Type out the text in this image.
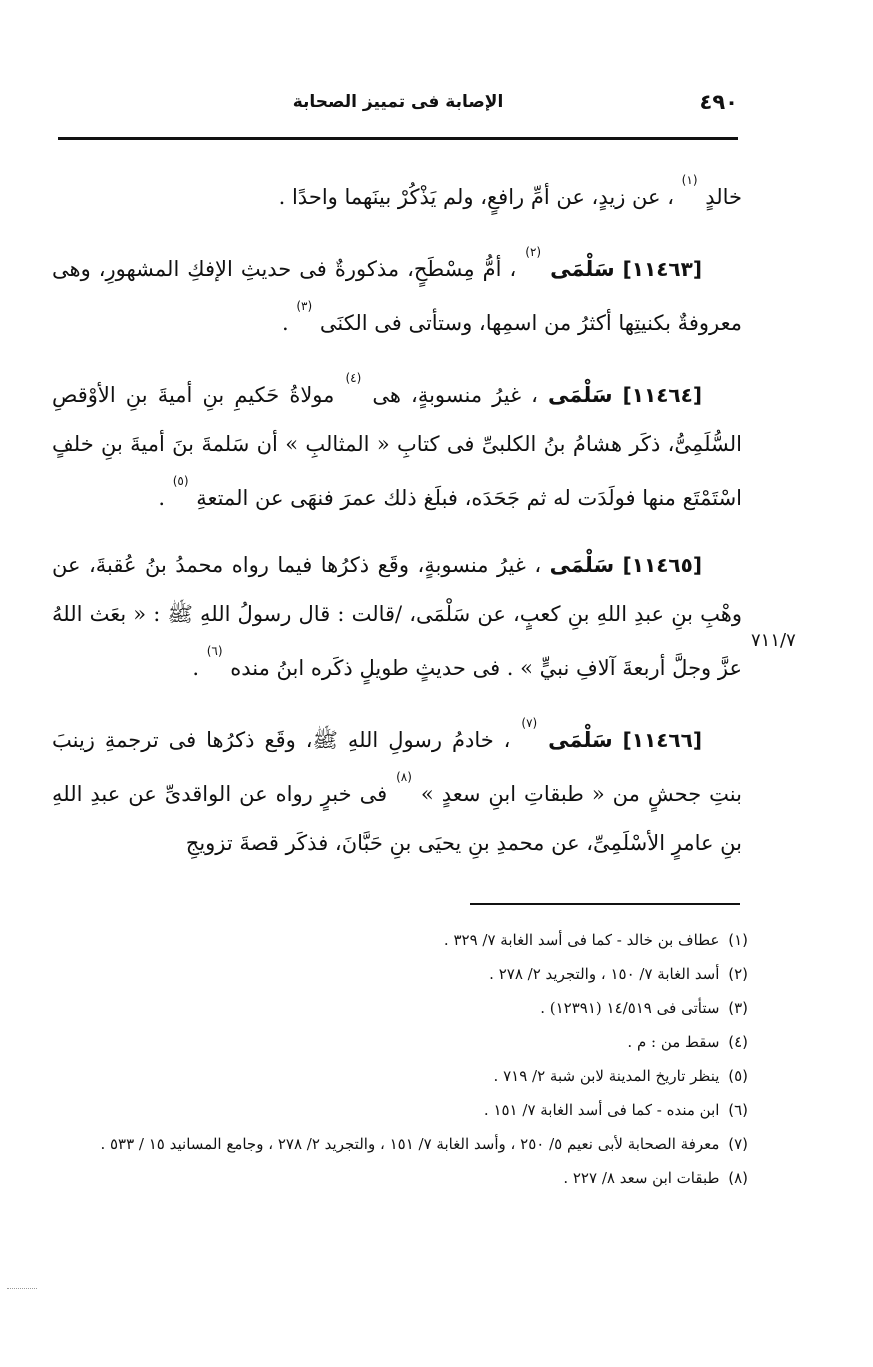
٤٩٠
الإصابة فى تمييز الصحابة
٧١١/٧

خالدٍ $^{(١)}$ ، عن زيدٍ، عن أمِّ رافعٍ، ولم يَذْكُرْ بينَهما واحدًا .

[١١٤٦٣] سَلْمَى $^{(٢)}$ ، أمُّ مِسْطَحٍ، مذكورةٌ فى حديثِ الإفكِ المشهورِ، وهى معروفةٌ بكنيتِها أكثرُ من اسمِها، وستأتى فى الكنَى $^{(٣)}$ .

[١١٤٦٤] سَلْمَى ، غيرُ منسوبةٍ، هى $^{(٤)}$ مولاةُ حَكيمِ بنِ أميةَ بنِ الأوْقصِ السُّلَمِىُّ، ذكَر هشامُ بنُ الكلبىِّ فى كتابِ « المثالبِ » أن سَلمةَ بنَ أميةَ بنِ خلفٍ اسْتَمْتَع منها فولَدَت له ثم جَحَدَه، فبلَغ ذلك عمرَ فنهَى عن المتعةِ $^{(٥)}$ .

[١١٤٦٥] سَلْمَى ، غيرُ منسوبةٍ، وقَع ذكرُها فيما رواه محمدُ بنُ عُقبةَ، عن وهْبِ بنِ عبدِ اللهِ بنِ كعبٍ، عن سَلْمَى، /قالت : قال رسولُ اللهِ ﷺ : « بعَث اللهُ عزَّ وجلَّ أربعةَ آلافِ نبيٍّ » . فى حديثٍ طويلٍ ذكَره ابنُ منده $^{(٦)}$ .

[١١٤٦٦] سَلْمَى $^{(٧)}$ ، خادمُ رسولِ اللهِ ﷺ، وقَع ذكرُها فى ترجمةِ زينبَ بنتِ جحشٍ من « طبقاتِ ابنِ سعدٍ » $^{(٨)}$ فى خبرٍ رواه عن الواقدىِّ عن عبدِ اللهِ بنِ عامرٍ الأسْلَمِىِّ، عن محمدِ بنِ يحيَى بنِ حَبَّانَ، فذكَر قصةَ تزويجِ

(١) عطاف بن خالد - كما فى أسد الغابة ٧/ ٣٢٩ .
(٢) أسد الغابة ٧/ ١٥٠ ، والتجريد ٢/ ٢٧٨ .
(٣) ستأتى فى ١٤/٥١٩ (١٢٣٩١) .
(٤) سقط من : م .
(٥) ينظر تاريخ المدينة لابن شبة ٢/ ٧١٩ .
(٦) ابن منده - كما فى أسد الغابة ٧/ ١٥١ .
(٧) معرفة الصحابة لأبى نعيم ٥/ ٢٥٠ ، وأسد الغابة ٧/ ١٥١ ، والتجريد ٢/ ٢٧٨ ، وجامع المسانيد ١٥ / ٥٣٣ .
(٨) طبقات ابن سعد ٨/ ٢٢٧ .
